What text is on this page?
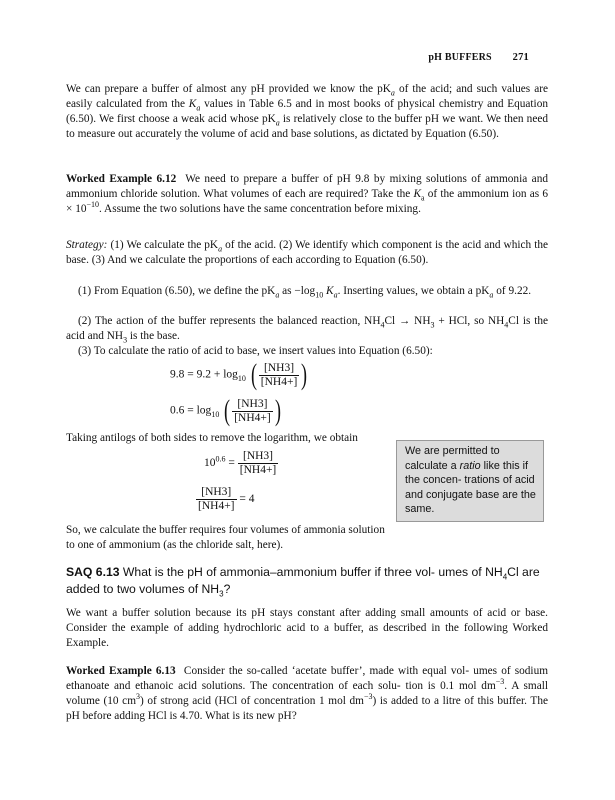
pH BUFFERS 271
We can prepare a buffer of almost any pH provided we know the $pK_a$ of the acid; and such values are easily calculated from the $K_a$ values in Table 6.5 and in most books of physical chemistry and Equation (6.50). We first choose a weak acid whose $pK_a$ is relatively close to the buffer pH we want. We then need to measure out accurately the volume of acid and base solutions, as dictated by Equation (6.50).
Worked Example 6.12 We need to prepare a buffer of pH 9.8 by mixing solutions of ammonia and ammonium chloride solution. What volumes of each are required? Take the $K_a$ of the ammonium ion as $6 \times 10^{-10}$. Assume the two solutions have the same concentration before mixing.
Strategy: (1) We calculate the $pK_a$ of the acid. (2) We identify which component is the acid and which the base. (3) And we calculate the proportions of each according to Equation (6.50).
(1) From Equation (6.50), we define the $pK_a$ as $-\log_{10}$ $K_a$. Inserting values, we obtain a $pK_a$ of 9.22.
(2) The action of the buffer represents the balanced reaction, $NH_4Cl \to NH_3$ + HCl, so $NH_4Cl$ is the acid and $NH_3$ is the base.
(3) To calculate the ratio of acid to base, we insert values into Equation (6.50):
$9.8 = 9.2 + \log_{10}$ ( $\frac{[NH3]}{[NH4+]}$ )
$0.6 = \log_{10}$ ( $\frac{[NH3]}{[NH4+]}$ )
Taking antilogs of both sides to remove the logarithm, we obtain
$10^{0.6} = \frac{[NH3]}{[NH4+]}$
$\frac{[NH3]}{[NH4+]} = 4$
We are permitted to calculate a ratio like this if the concen- trations of acid and conjugate base are the same.
So, we calculate the buffer requires four volumes of ammonia solution to one of ammonium (as the chloride salt, here).
SAQ 6.13 What is the pH of ammonia–ammonium buffer if three vol- umes of $NH_4Cl$ are added to two volumes of $NH_3$?
We want a buffer solution because its pH stays constant after adding small amounts of acid or base. Consider the example of adding hydrochloric acid to a buffer, as described in the following Worked Example.
Worked Example 6.13 Consider the so-called ‘acetate buffer’, made with equal vol- umes of sodium ethanoate and ethanoic acid solutions. The concentration of each solu- tion is 0.1 mol $dm^{-3}$. A small volume (10 $cm^3$) of strong acid (HCl of concentration 1 mol $dm^{-3}$) is added to a litre of this buffer. The pH before adding HCl is 4.70. What is its new pH?
